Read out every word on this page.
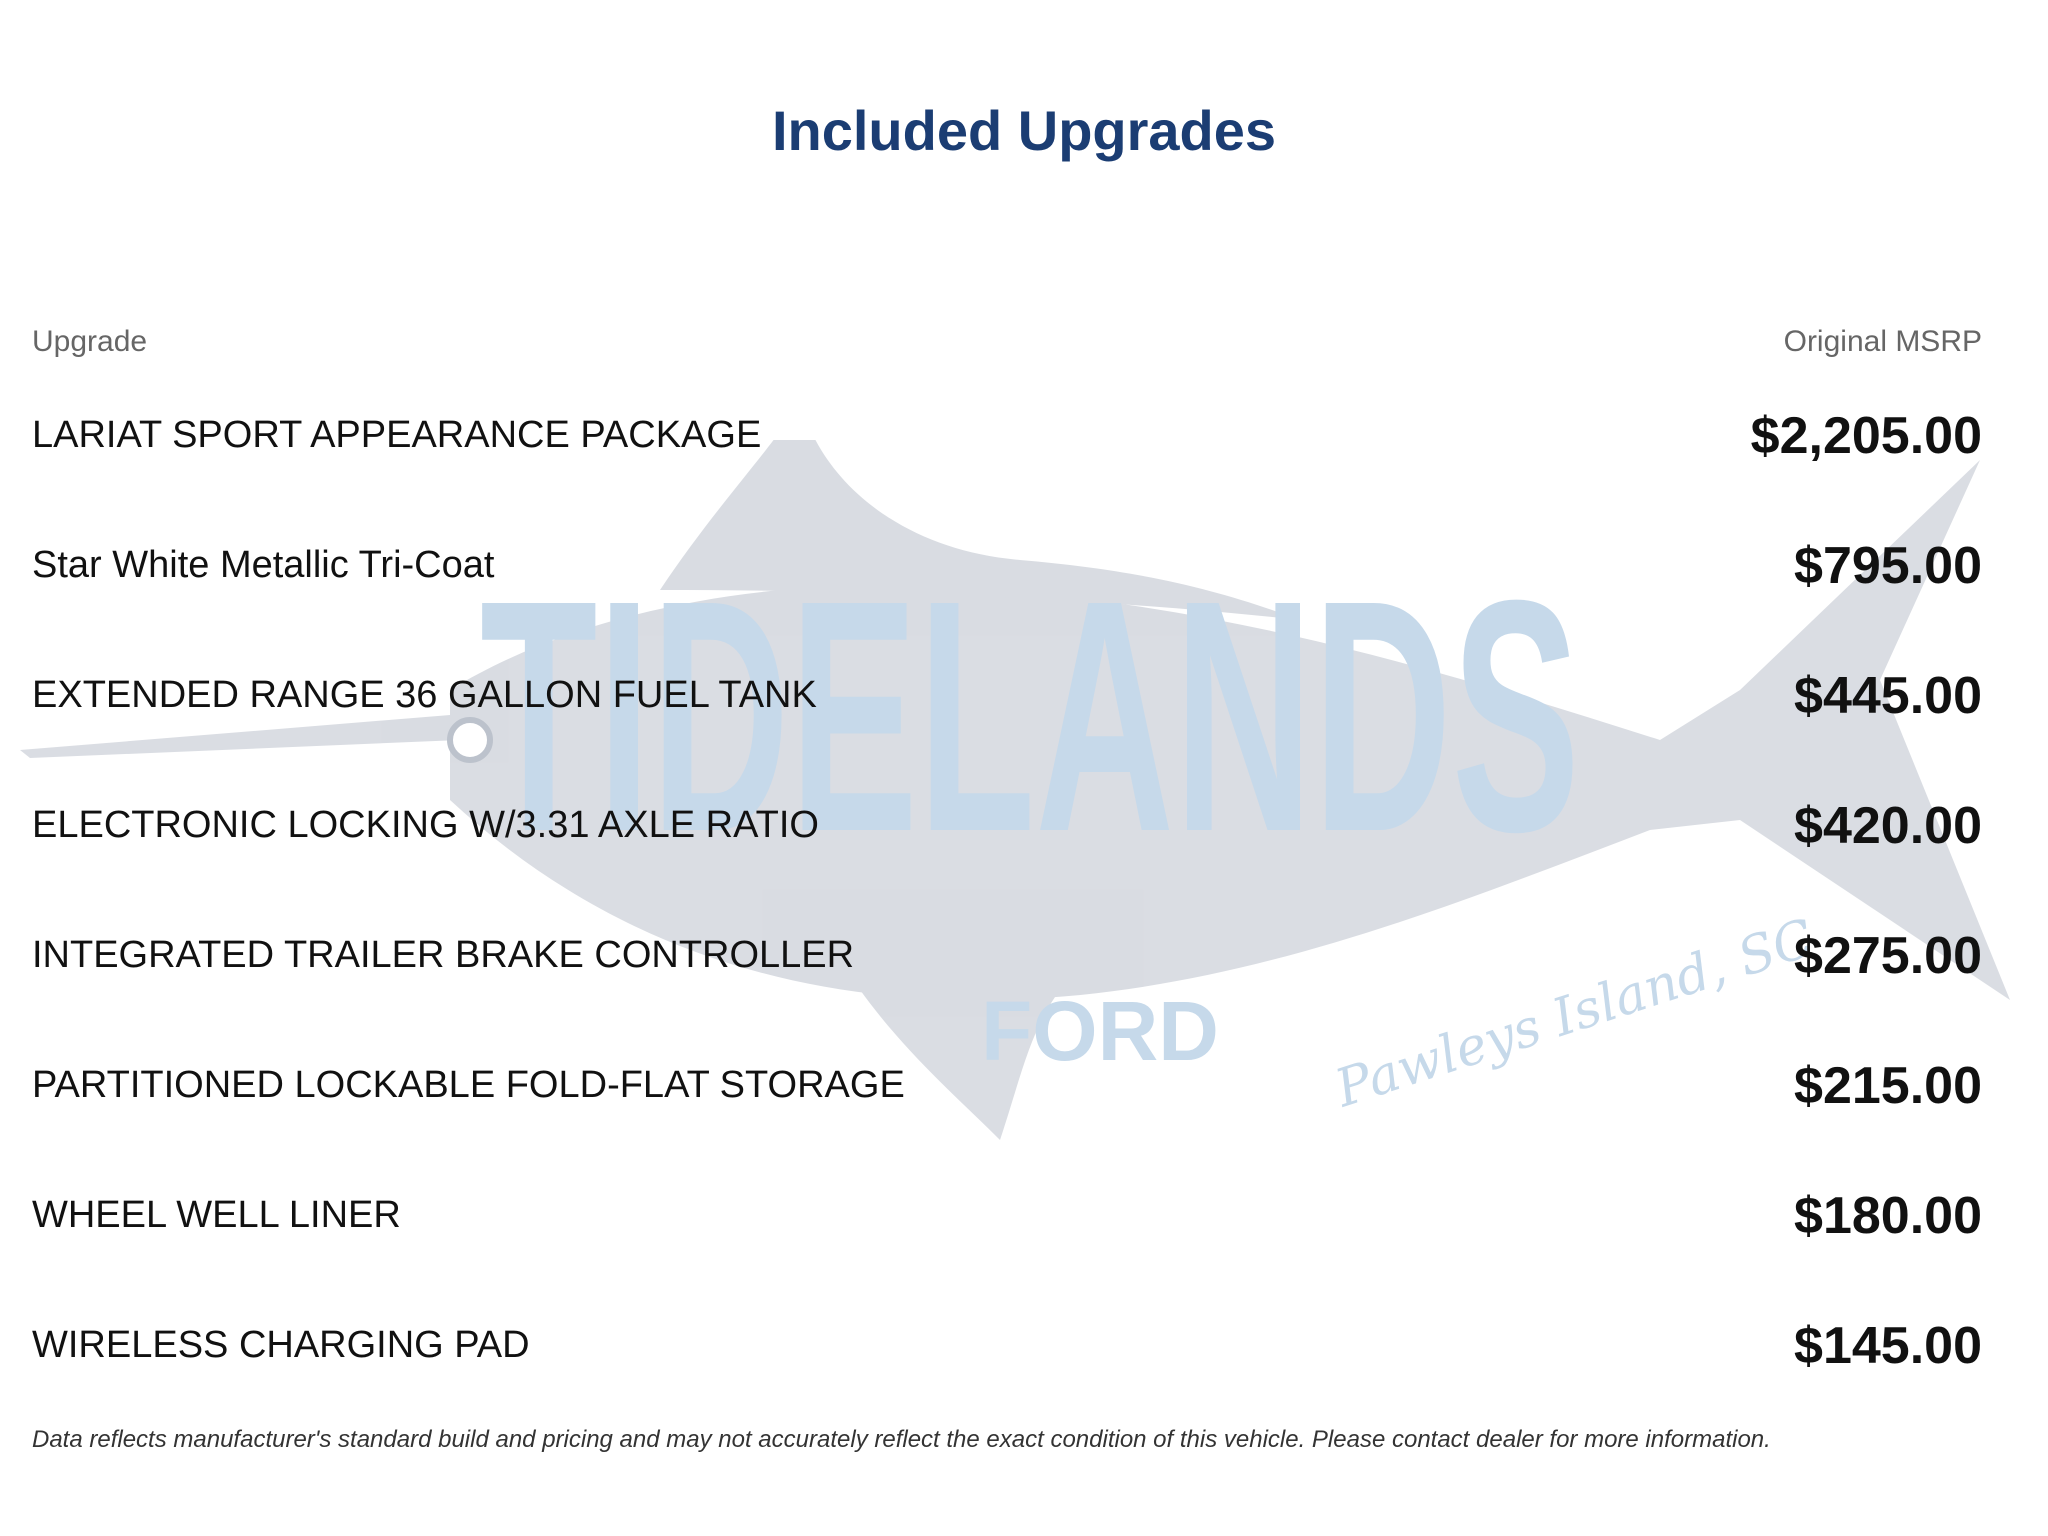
TIDELANDS
FORD Pawleys Island, SC
Included Upgrades
Upgrade	Original MSRP
LARIAT SPORT APPEARANCE PACKAGE	$2,205.00
Star White Metallic Tri-Coat	$795.00
EXTENDED RANGE 36 GALLON FUEL TANK	$445.00
ELECTRONIC LOCKING W/3.31 AXLE RATIO	$420.00
INTEGRATED TRAILER BRAKE CONTROLLER	$275.00
PARTITIONED LOCKABLE FOLD-FLAT STORAGE	$215.00
WHEEL WELL LINER	$180.00
WIRELESS CHARGING PAD	$145.00
Data reflects manufacturer's standard build and pricing and may not accurately reflect the exact condition of this vehicle. Please contact dealer for more information.
